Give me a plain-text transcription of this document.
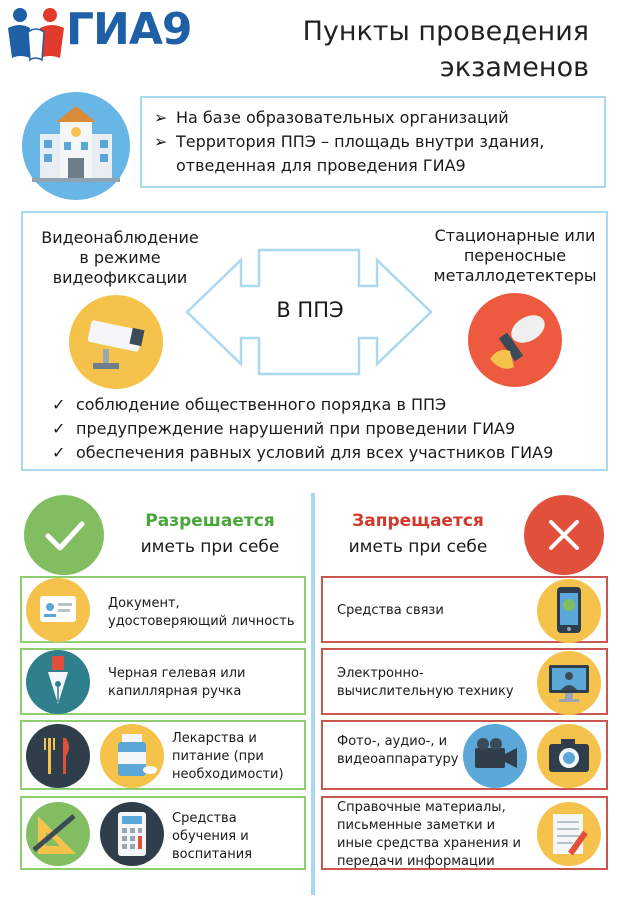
ГИА9	Пункты проведения
экзаменов
➢ На базе образовательных организаций
➢ Территория ППЭ – площадь внутри здания,
отведенная для проведения ГИА9
Видеонаблюдение
в режиме
видеофиксации
Стационарные или
переносные
металлодетектеры
В ППЭ
✓ соблюдение общественного порядка в ППЭ
✓ предупреждение нарушений при проведении ГИА9
✓ обеспечения равных условий для всех участников ГИА9
Разрешается
иметь при себе
Запрещается
иметь при себе
Документ,
удостоверяющий личность
Черная гелевая или
капиллярная ручка
Лекарства и
питание (при
необходимости)
Средства
обучения и
воспитания
Средства связи
Электронно-
вычислительную технику
Фото-, аудио-, и
видеоаппаратуру
Справочные материалы,
письменные заметки и
иные средства хранения и
передачи информации
